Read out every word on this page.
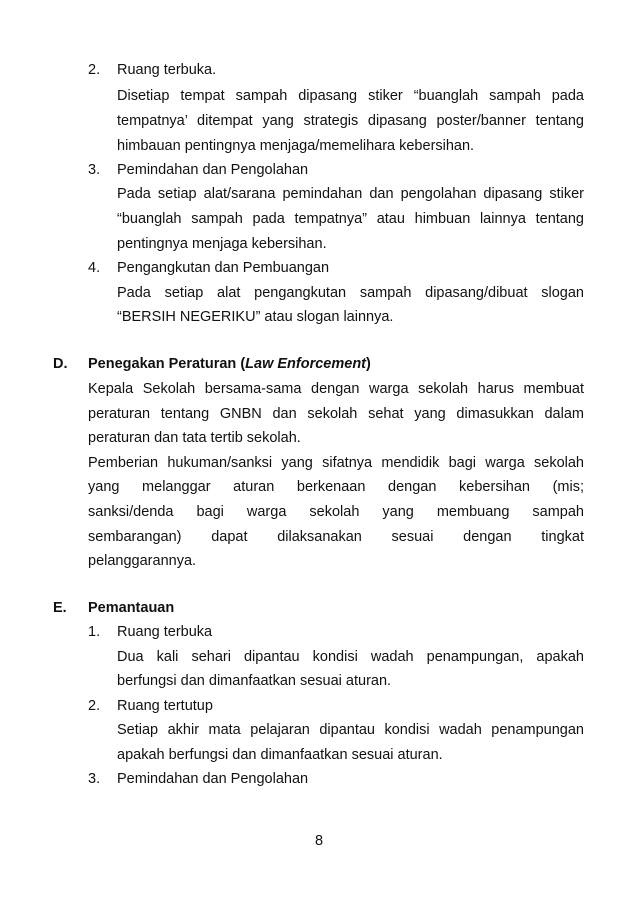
2. Ruang terbuka.
Disetiap tempat sampah dipasang stiker “buanglah sampah pada
tempatnya’ ditempat yang strategis dipasang poster/banner tentang
himbauan pentingnya menjaga/memelihara kebersihan.
3. Pemindahan dan Pengolahan
Pada setiap alat/sarana pemindahan dan pengolahan dipasang stiker
“buanglah sampah pada tempatnya” atau himbuan lainnya tentang
pentingnya menjaga kebersihan.
4. Pengangkutan dan Pembuangan
Pada setiap alat pengangkutan sampah dipasang/dibuat slogan
“BERSIH NEGERIKU” atau slogan lainnya.
D. Penegakan Peraturan (Law Enforcement)
Kepala Sekolah bersama-sama dengan warga sekolah harus membuat
peraturan tentang GNBN dan sekolah sehat yang dimasukkan dalam
peraturan dan tata tertib sekolah.
Pemberian hukuman/sanksi yang sifatnya mendidik bagi warga sekolah
yang melanggar aturan berkenaan dengan kebersihan (mis;
sanksi/denda bagi warga sekolah yang membuang sampah
sembarangan) dapat dilaksanakan sesuai dengan tingkat
pelanggarannya.
E. Pemantauan
1. Ruang terbuka
Dua kali sehari dipantau kondisi wadah penampungan, apakah
berfungsi dan dimanfaatkan sesuai aturan.
2. Ruang tertutup
Setiap akhir mata pelajaran dipantau kondisi wadah penampungan
apakah berfungsi dan dimanfaatkan sesuai aturan.
3. Pemindahan dan Pengolahan
8
